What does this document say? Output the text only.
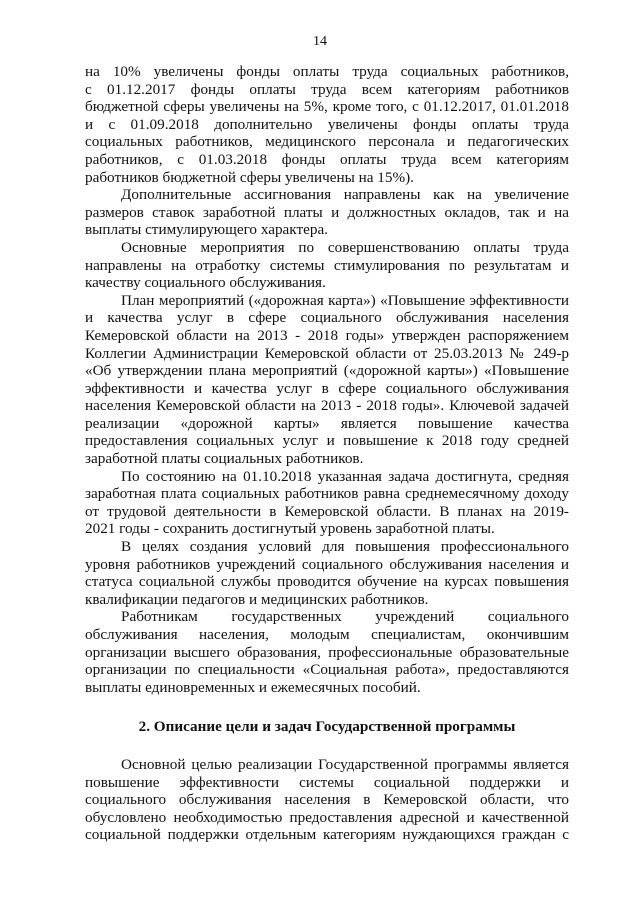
14
на 10% увеличены фонды оплаты труда социальных работников,
с 01.12.2017 фонды оплаты труда всем категориям работников
бюджетной сферы увеличены на 5%, кроме того, с 01.12.2017, 01.01.2018
и с 01.09.2018 дополнительно увеличены фонды оплаты труда
социальных работников, медицинского персонала и педагогических
работников, с 01.03.2018 фонды оплаты труда всем категориям
работников бюджетной сферы увеличены на 15%).
Дополнительные ассигнования направлены как на увеличение
размеров ставок заработной платы и должностных окладов, так и на
выплаты стимулирующего характера.
Основные мероприятия по совершенствованию оплаты труда
направлены на отработку системы стимулирования по результатам и
качеству социального обслуживания.
План мероприятий («дорожная карта») «Повышение эффективности
и качества услуг в сфере социального обслуживания населения
Кемеровской области на 2013 - 2018 годы» утвержден распоряжением
Коллегии Администрации Кемеровской области от 25.03.2013 № 249-р
«Об утверждении плана мероприятий («дорожной карты») «Повышение
эффективности и качества услуг в сфере социального обслуживания
населения Кемеровской области на 2013 - 2018 годы». Ключевой задачей
реализации «дорожной карты» является повышение качества
предоставления социальных услуг и повышение к 2018 году средней
заработной платы социальных работников.
По состоянию на 01.10.2018 указанная задача достигнута, средняя
заработная плата социальных работников равна среднемесячному доходу
от трудовой деятельности в Кемеровской области. В планах на 2019-
2021 годы - сохранить достигнутый уровень заработной платы.
В целях создания условий для повышения профессионального
уровня работников учреждений социального обслуживания населения и
статуса социальной службы проводится обучение на курсах повышения
квалификации педагогов и медицинских работников.
Работникам государственных учреждений социального
обслуживания населения, молодым специалистам, окончившим
организации высшего образования, профессиональные образовательные
организации по специальности «Социальная работа», предоставляются
выплаты единовременных и ежемесячных пособий.
2. Описание цели и задач Государственной программы
Основной целью реализации Государственной программы является
повышение эффективности системы социальной поддержки и
социального обслуживания населения в Кемеровской области, что
обусловлено необходимостью предоставления адресной и качественной
социальной поддержки отдельным категориям нуждающихся граждан с
